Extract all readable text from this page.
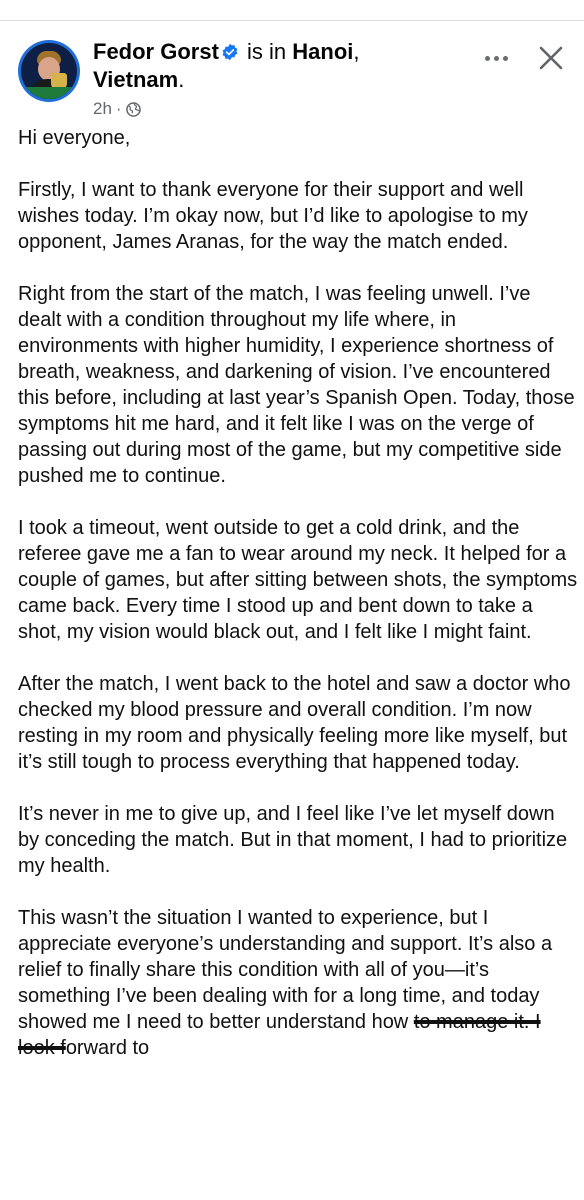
Fedor Gorst is in Hanoi,
Vietnam.
2h ·

Hi everyone,

Firstly, I want to thank everyone for their support and well wishes today. I’m okay now, but I’d like to apologise to my opponent, James Aranas, for the way the match ended.

Right from the start of the match, I was feeling unwell. I’ve dealt with a condition throughout my life where, in environments with higher humidity, I experience shortness of breath, weakness, and darkening of vision. I’ve encountered this before, including at last year’s Spanish Open. Today, those symptoms hit me hard, and it felt like I was on the verge of passing out during most of the game, but my competitive side pushed me to continue.

I took a timeout, went outside to get a cold drink, and the referee gave me a fan to wear around my neck. It helped for a couple of games, but after sitting between shots, the symptoms came back. Every time I stood up and bent down to take a shot, my vision would black out, and I felt like I might faint.

After the match, I went back to the hotel and saw a doctor who checked my blood pressure and overall condition. I’m now resting in my room and physically feeling more like myself, but it’s still tough to process everything that happened today.

It’s never in me to give up, and I feel like I’ve let myself down by conceding the match. But in that moment, I had to prioritize my health.

This wasn’t the situation I wanted to experience, but I appreciate everyone’s understanding and support. It’s also a relief to finally share this condition with all of you—it’s something I’ve been dealing with for a long time, and today showed me I need to better understand how to manage it. I look forward to
